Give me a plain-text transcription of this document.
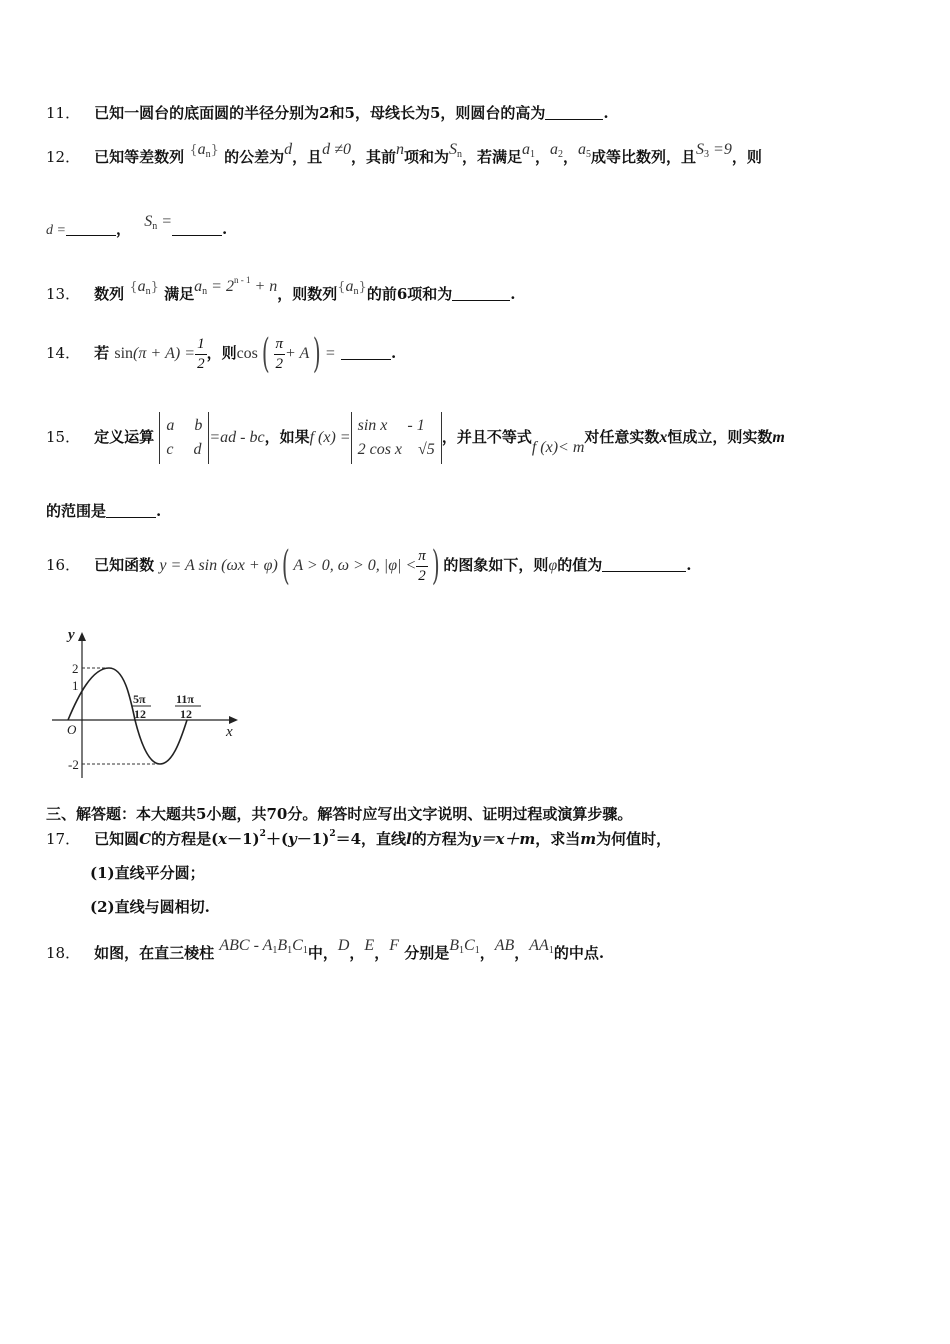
11． 已知一圆台的底面圆的半径分别为2和5，母线长为5，则圆台的高为	.
12． 已知等差数列 $\{a_n\}$ 的公差为d，且d ≠0，其前n项和为$S_n$，若满足$a_1$，$a_2$，$a_5$成等比数列，且$S_3 =9$，则
d =	， $S_n$ =	.
13． 数列 $\{a_n\}$ 满足$a_n = 2^{n - 1} + n$，则数列$\{a_n\}$的前6项和为	.
14． 若 $\sin(\pi + A) = \frac{1}{2}$ ，则$\cos( \frac{\pi}{2} + A)$ =	.
15． 定义运算
a     b
c     d
=ad - bc，如果f (x) =
sin x     - 1
2 cos x    √5
，并且不等式f (x)< m对任意实数x恒成立，则实数m
的范围是	.
16． 已知函数 y = A sin (ωx + φ)( A > 0, ω > 0, $|\varphi| < \frac{\pi}{2}$ ) 的图象如下，则φ的值为	.
y
x
O
2
1
-2
5π
12
11π
12
三、解答题：本大题共5小题，共70分。解答时应写出文字说明、证明过程或演算步骤。
17． 已知圆C的方程是$(x-1)^2+(y-1)^2=4$，直线l的方程为y＝x＋m，求当m为何值时，
(1)直线平分圆；
(2)直线与圆相切.
18． 如图，在直三棱柱 ABC - $A_1B_1C_1$中，D，E，F 分别是$B_1C_1$，AB，$AA_1$的中点.
